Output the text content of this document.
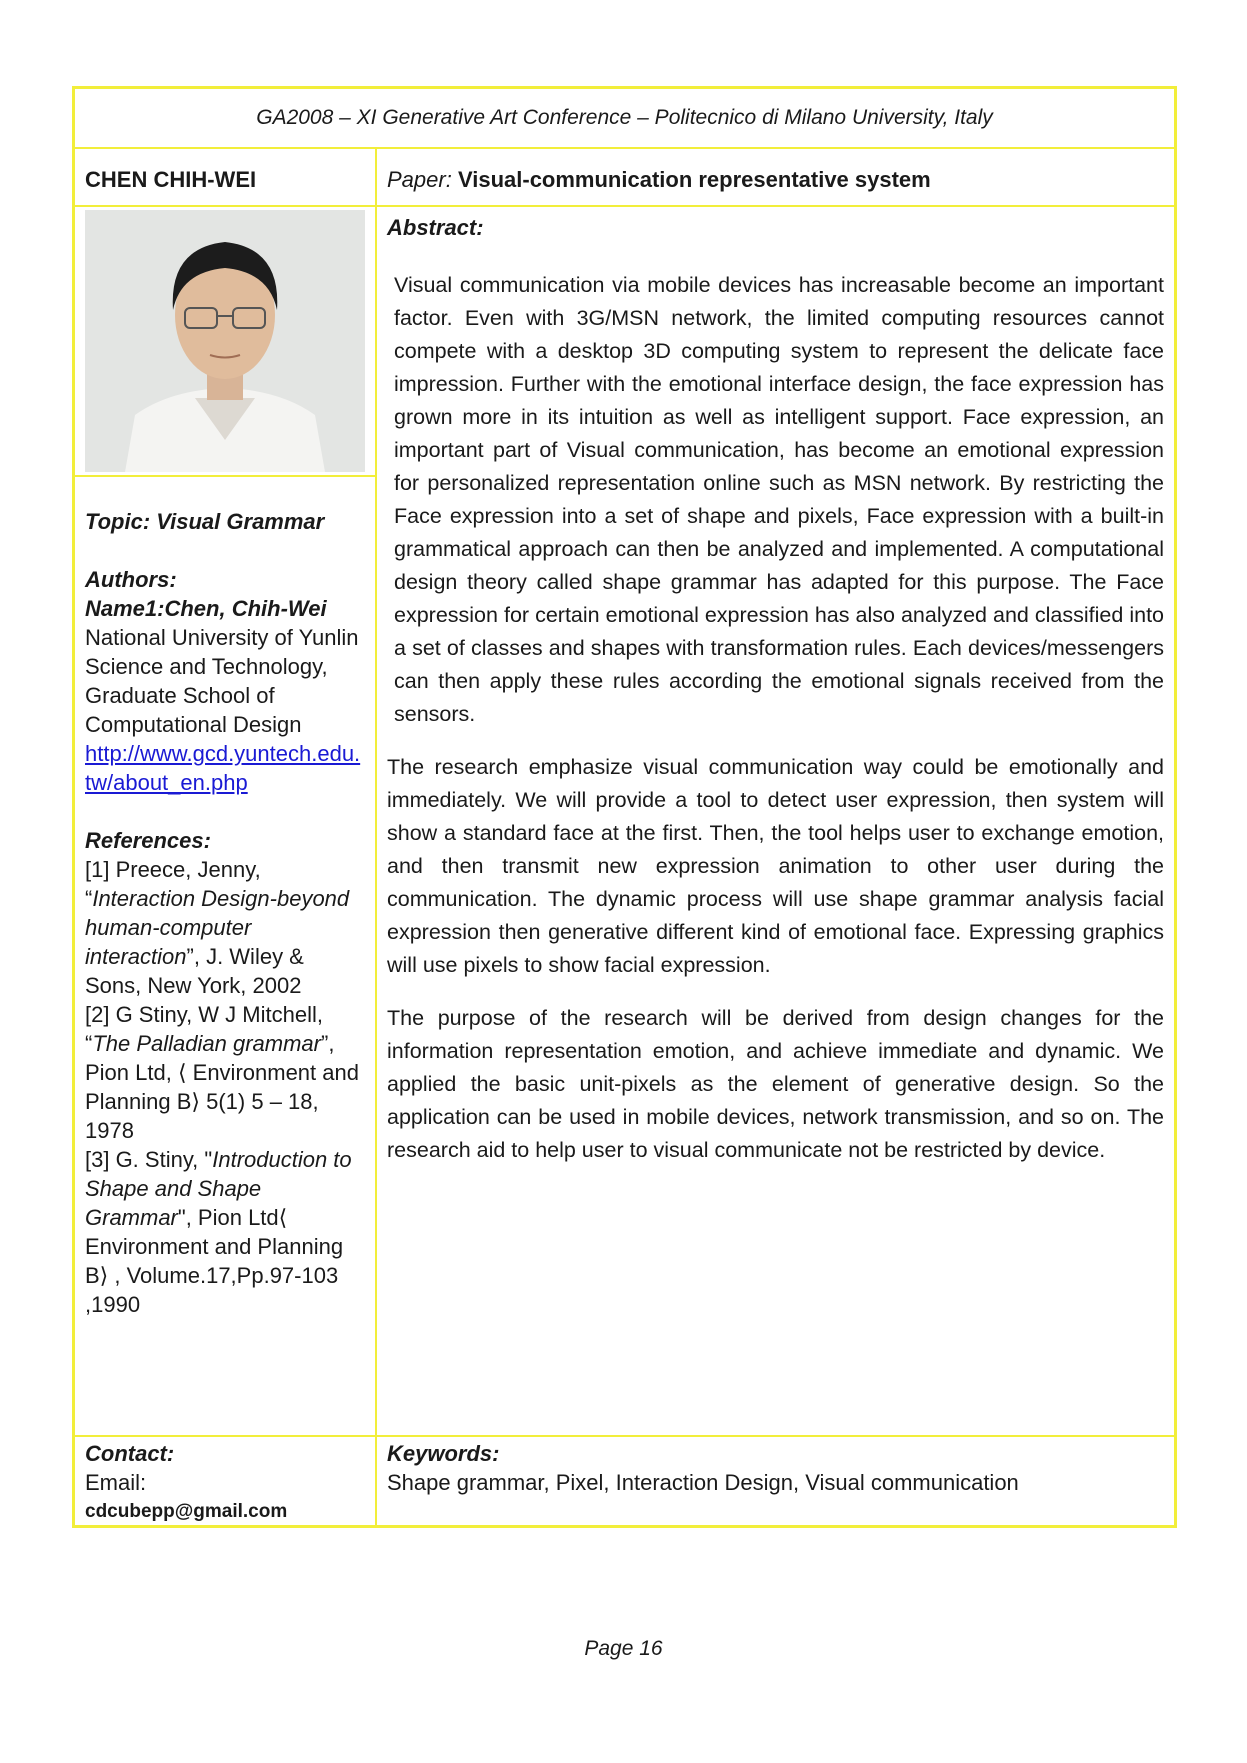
GA2008 – XI Generative Art Conference – Politecnico di Milano University, Italy
CHEN CHIH-WEI	Paper: Visual-communication representative system
Topic: Visual Grammar
Authors:
Name1:Chen, Chih-Wei
National University of Yunlin Science and Technology, Graduate School of Computational Design
http://www.gcd.yuntech.edu.tw/about_en.php
References:
[1] Preece, Jenny, “Interaction Design-beyond human-computer interaction”, J. Wiley & Sons, New York, 2002
[2] G Stiny, W J Mitchell, “The Palladian grammar”, Pion Ltd, ⟨ Environment and Planning B⟩ 5(1) 5 – 18, 1978
[3] G. Stiny, "Introduction to Shape and Shape Grammar", Pion Ltd⟨ Environment and Planning B⟩ , Volume.17,Pp.97-103 ,1990
Abstract:

Visual communication via mobile devices has increasable become an important factor. Even with 3G/MSN network, the limited computing resources cannot compete with a desktop 3D computing system to represent the delicate face impression. Further with the emotional interface design, the face expression has grown more in its intuition as well as intelligent support. Face expression, an important part of Visual communication, has become an emotional expression for personalized representation online such as MSN network. By restricting the Face expression into a set of shape and pixels, Face expression with a built-in grammatical approach can then be analyzed and implemented. A computational design theory called shape grammar has adapted for this purpose. The Face expression for certain emotional expression has also analyzed and classified into a set of classes and shapes with transformation rules. Each devices/messengers can then apply these rules according the emotional signals received from the sensors.

The research emphasize visual communication way could be emotionally and immediately. We will provide a tool to detect user expression, then system will show a standard face at the first. Then, the tool helps user to exchange emotion, and then transmit new expression animation to other user during the communication. The dynamic process will use shape grammar analysis facial expression then generative different kind of emotional face. Expressing graphics will use pixels to show facial expression.

The purpose of the research will be derived from design changes for the information representation emotion, and achieve immediate and dynamic. We applied the basic unit-pixels as the element of generative design. So the application can be used in mobile devices, network transmission, and so on. The research aid to help user to visual communicate not be restricted by device.

Contact:
Email:
cdcubepp@gmail.com
Keywords:
Shape grammar, Pixel, Interaction Design, Visual communication
Page 16
